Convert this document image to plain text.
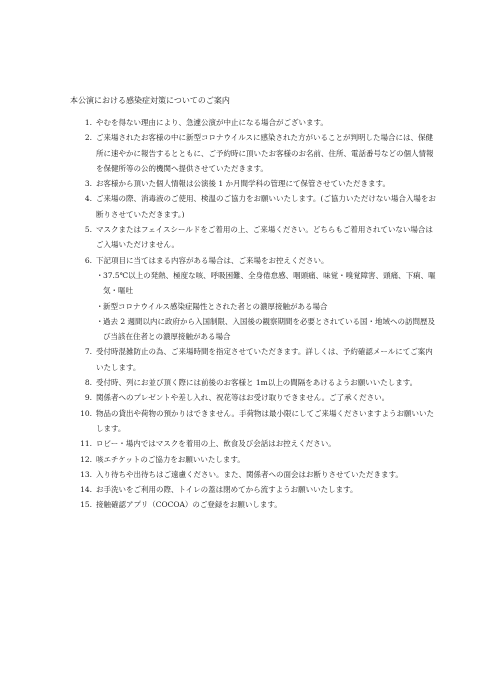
本公演における感染症対策についてのご案内
1. やむを得ない理由により、急遽公演が中止になる場合がございます。
2. ご来場されたお客様の中に新型コロナウイルスに感染された方がいることが判明した場合には、保健所に速やかに報告するとともに、ご予約時に頂いたお客様のお名前、住所、電話番号などの個人情報を保健所等の公的機関へ提供させていただきます。
3. お客様から頂いた個人情報は公演後 1 か月間学科の管理にて保管させていただきます。
4. ご来場の際、消毒液のご使用、検温のご協力をお願いいたします。(ご協力いただけない場合入場をお断りさせていただきます。)
5. マスクまたはフェイスシールドをご着用の上、ご来場ください。どちらもご着用されていない場合はご入場いただけません。
6. 下記項目に当てはまる内容がある場合は、ご来場をお控えください。
・ 37.5℃以上の発熱、極度な咳、呼吸困難、全身倦怠感、咽頭痛、味覚・嗅覚障害、頭痛、下痢、嘔気・嘔吐
・ 新型コロナウイルス感染症陽性とされた者との濃厚接触がある場合
・ 過去 2 週間以内に政府から入国制限、入国後の観察期間を必要とされている国・地域への訪問歴及び当該在住者との濃厚接触がある場合
7. 受付時混雑防止の為、ご来場時間を指定させていただきます。詳しくは、予約確認メールにてご案内いたします。
8. 受付時、列にお並び頂く際には前後のお客様と 1m以上の間隔をあけるようお願いいたします。
9. 関係者へのプレゼントや差し入れ、祝花等はお受け取りできません。ご了承ください。
10. 物品の貸出や荷物の預かりはできません。手荷物は最小限にしてご来場くださいますようお願いいたします。
11. ロビー・場内ではマスクを着用の上、飲食及び会話はお控えください。
12. 咳エチケットのご協力をお願いいたします。
13. 入り待ちや出待ちはご遠慮ください。また、関係者への面会はお断りさせていただきます。
14. お手洗いをご利用の際、トイレの蓋は閉めてから流すようお願いいたします。
15. 接触確認アプリ（COCOA）のご登録をお願いします。
